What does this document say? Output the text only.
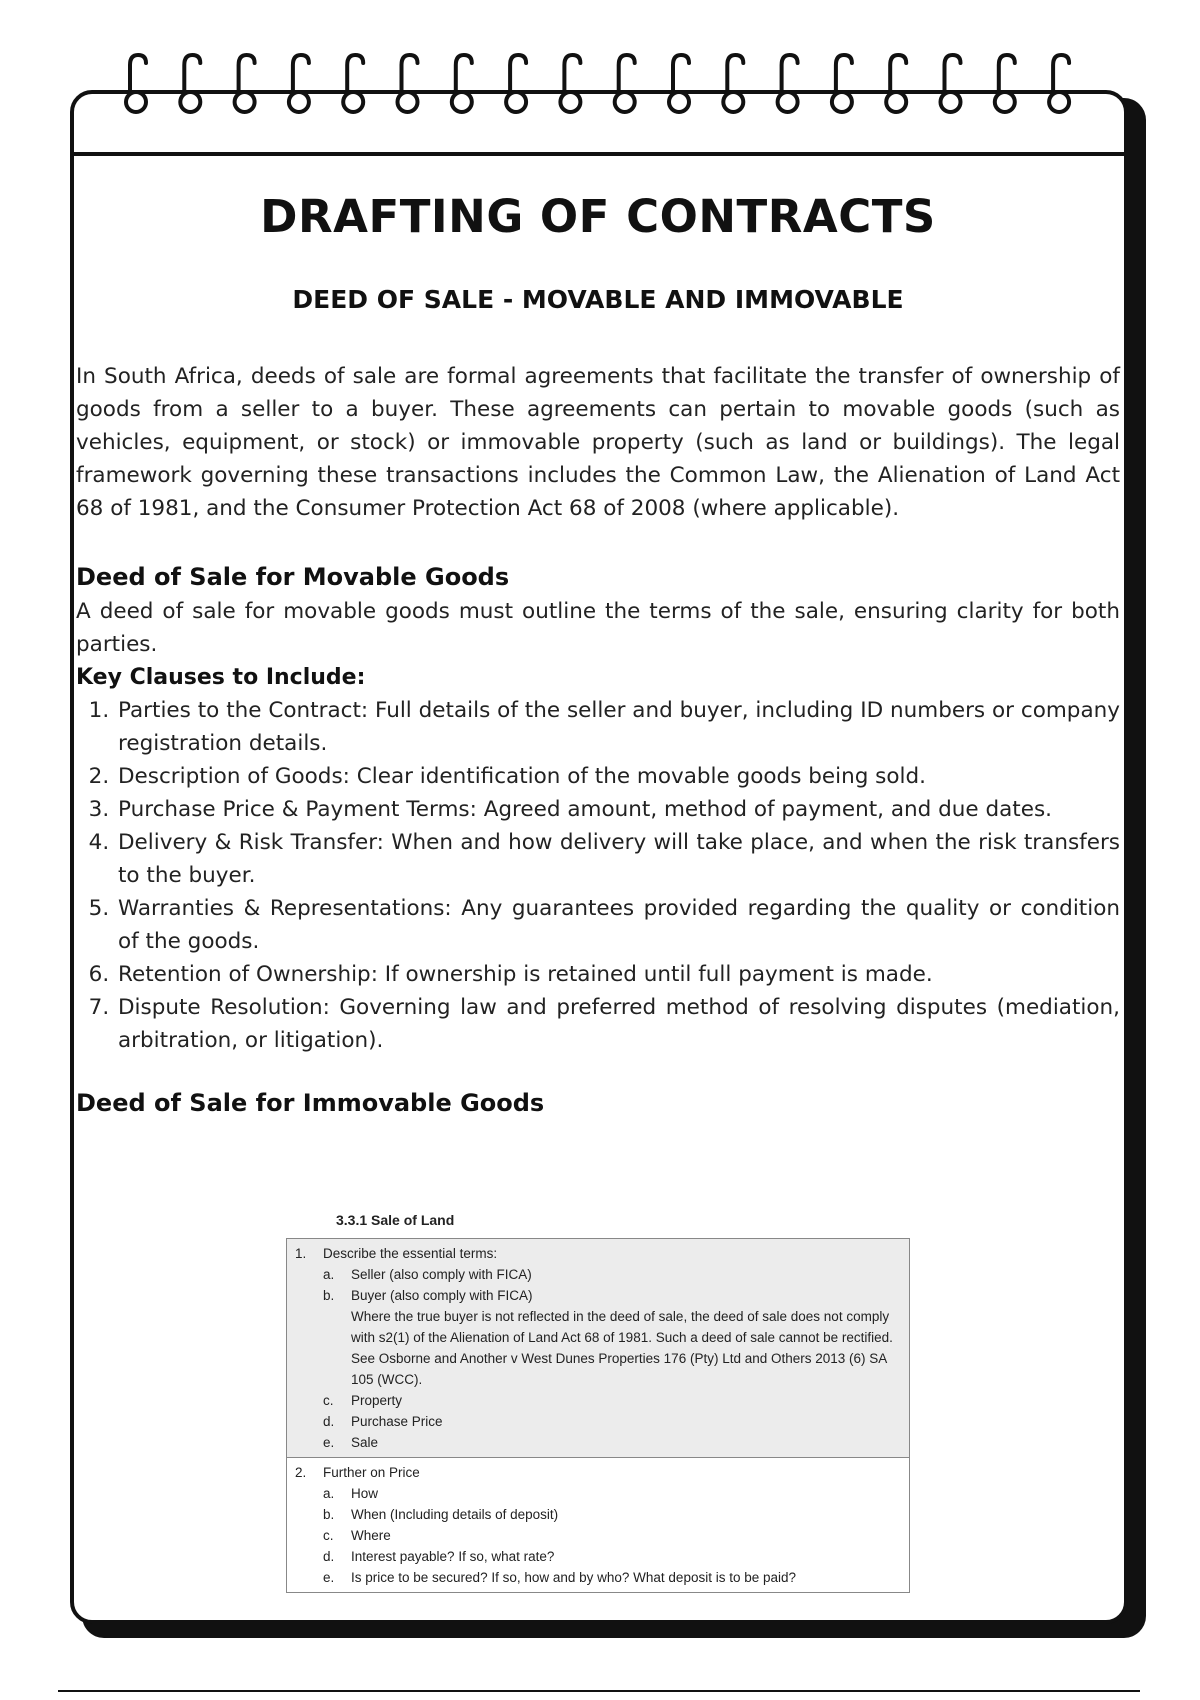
DRAFTING OF CONTRACTS
DEED OF SALE - MOVABLE AND IMMOVABLE

In South Africa, deeds of sale are formal agreements that facilitate the transfer of ownership of goods from a seller to a buyer. These agreements can pertain to movable goods (such as vehicles, equipment, or stock) or immovable property (such as land or buildings). The legal framework governing these transactions includes the Common Law, the Alienation of Land Act 68 of 1981, and the Consumer Protection Act 68 of 2008 (where applicable).

Deed of Sale for Movable Goods

A deed of sale for movable goods must outline the terms of the sale, ensuring clarity for both parties.

Key Clauses to Include:
1. Parties to the Contract: Full details of the seller and buyer, including ID numbers or company registration details.
2. Description of Goods: Clear identification of the movable goods being sold.
3. Purchase Price & Payment Terms: Agreed amount, method of payment, and due dates.
4. Delivery & Risk Transfer: When and how delivery will take place, and when the risk transfers to the buyer.
5. Warranties & Representations: Any guarantees provided regarding the quality or condition of the goods.
6. Retention of Ownership: If ownership is retained until full payment is made.
7. Dispute Resolution: Governing law and preferred method of resolving disputes (mediation, arbitration, or litigation).
Deed of Sale for Immovable Goods
3.3.1 Sale of Land
1.	Describe the essential terms:
a.	Seller (also comply with FICA)
b.	Buyer (also comply with FICA)
Where the true buyer is not reflected in the deed of sale, the deed of sale does not comply with s2(1) of the Alienation of Land Act 68 of 1981. Such a deed of sale cannot be rectified. See Osborne and Another v West Dunes Properties 176 (Pty) Ltd and Others 2013 (6) SA 105 (WCC).
c.	Property
d.	Purchase Price
e.	Sale
2.	Further on Price
a.	How
b.	When (Including details of deposit)
c.	Where
d.	Interest payable? If so, what rate?
e.	Is price to be secured? If so, how and by who? What deposit is to be paid?
